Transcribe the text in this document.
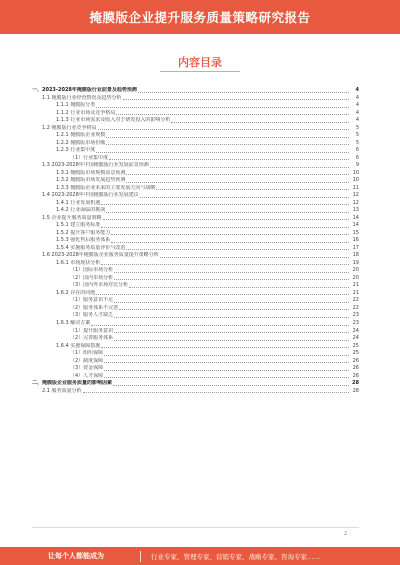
掩膜版企业提升服务质量策略研究报告
内容目录
一、2023-2028年掩膜版行业前景及趋势预测	4
1.1 掩膜版行业经营情况及趋势分析	4
1.1.1 掩膜版分类	4
1.1.2 行业市场及竞争格局	4
1.1.3 行业市场需求及收入对于研发投入的影响分析	4
1.2 掩膜版行业竞争格局	5
1.2.1 掩膜版企业规模	5
1.2.2 掩膜版市场份额	5
1.2.3 行业集中度	6
（1）行业集中度	6
1.3 2023-2028年中国掩膜版行业发展前景预测	9
1.3.1 掩膜版市场规模前景预测	10
1.3.2 掩膜版市场发展趋势预测	10
1.3.3 掩膜版企业未来的主要发展方向与战略	11
1.4 2023-2028年中国掩膜版行业发展建议	12
1.4.1 行业发展机遇	12
1.4.2 行业面临的挑战	13
1.5 企业提升服务质量策略	14
1.5.1 建立服务标准	14
1.5.2 提升客户服务能力	15
1.5.3 强化售后服务体系	16
1.5.4 实施服务质量评价与改进	17
1.6 2023-2028年掩膜版企业服务质量提升策略分析	18
1.6.1 市场现状分析	19
（1）国际市场分析	20
（2）国内市场分析	20
（3）国内外市场对比分析	21
1.6.2 存在的问题	21
（1）服务意识不足	22
（2）服务体系不完善	22
（3）服务人才缺乏	23
1.6.3 解决方案	23
（1）提升服务意识	24
（2）完善服务体系	24
1.6.4 实施保障措施	25
（1）组织保障	25
（2）制度保障	26
（3）资金保障	26
（4）人才保障	26
二、掩膜版企业服务质量的影响因素	28
2.1 服务质量分析	28
2
让每个人都能成为	行业专家、管理专家、营销专家、战略专家、咨询专家……
